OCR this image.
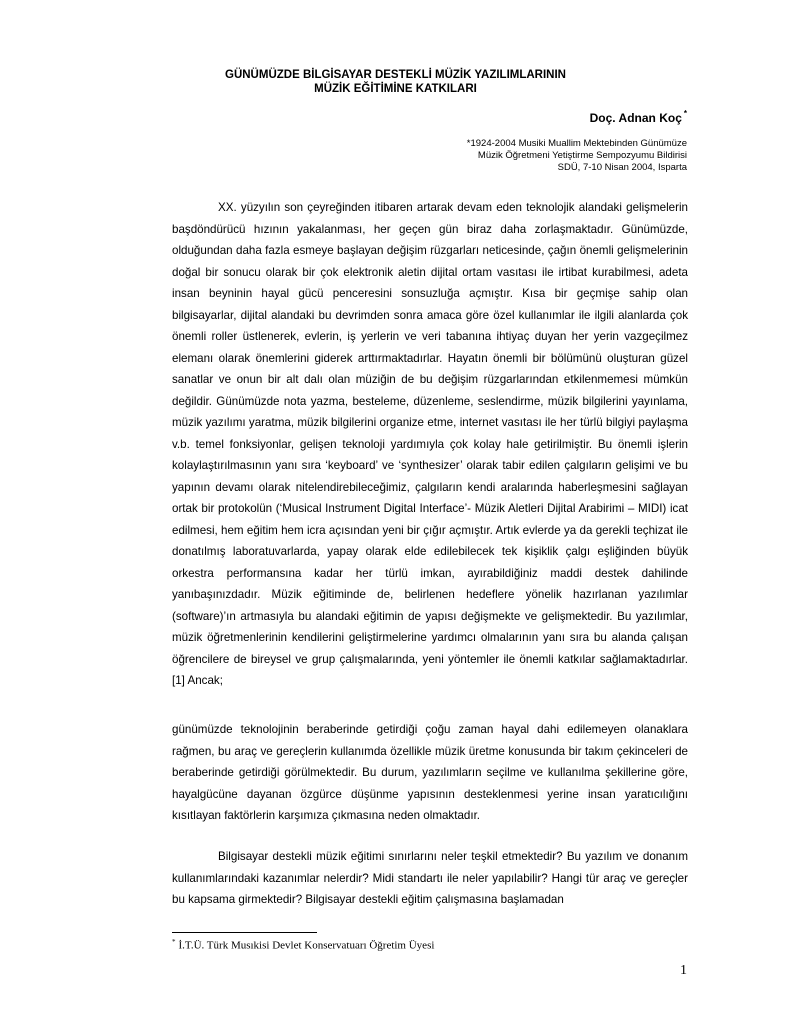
GÜNÜMÜZDE BİLGİSAYAR DESTEKLİ MÜZİK YAZILIMLARININ
MÜZİK EĞİTİMİNE KATKILARI
Doç. Adnan Koç *
*1924-2004 Musiki Muallim Mektebinden Günümüze
Müzik Öğretmeni Yetiştirme Sempozyumu Bildirisi
SDÜ, 7-10 Nisan 2004, Isparta
XX. yüzyılın son çeyreğinden itibaren artarak devam eden teknolojik alandaki gelişmelerin başdöndürücü hızının yakalanması, her geçen gün biraz daha zorlaşmaktadır. Günümüzde, olduğundan daha fazla esmeye başlayan değişim rüzgarları neticesinde, çağın önemli gelişmelerinin doğal bir sonucu olarak bir çok elektronik aletin dijital ortam vasıtası ile irtibat kurabilmesi, adeta insan beyninin hayal gücü penceresini sonsuzluğa açmıştır. Kısa bir geçmişe sahip olan bilgisayarlar, dijital alandaki bu devrimden sonra amaca göre özel kullanımlar ile ilgili alanlarda çok önemli roller üstlenerek, evlerin, iş yerlerin ve veri tabanına ihtiyaç duyan her yerin vazgeçilmez elemanı olarak önemlerini giderek arttırmaktadırlar. Hayatın önemli bir bölümünü oluşturan güzel sanatlar ve onun bir alt dalı olan müziğin de bu değişim rüzgarlarından etkilenmemesi mümkün değildir. Günümüzde nota yazma, besteleme, düzenleme, seslendirme, müzik bilgilerini yayınlama, müzik yazılımı yaratma, müzik bilgilerini organize etme, internet vasıtası ile her türlü bilgiyi paylaşma v.b. temel fonksiyonlar, gelişen teknoloji yardımıyla çok kolay hale getirilmiştir. Bu önemli işlerin kolaylaştırılmasının yanı sıra ‘keyboard’ ve ‘synthesizer’ olarak tabir edilen çalgıların gelişimi ve bu yapının devamı olarak nitelendirebileceğimiz, çalgıların kendi aralarında haberleşmesini sağlayan ortak bir protokolün (‘Musical Instrument Digital Interface’- Müzik Aletleri Dijital Arabirimi – MIDI) icat edilmesi, hem eğitim hem icra açısından yeni bir çığır açmıştır. Artık evlerde ya da gerekli teçhizat ile donatılmış laboratuvarlarda, yapay olarak elde edilebilecek tek kişiklik çalgı eşliğinden büyük orkestra performansına kadar her türlü imkan, ayırabildiğiniz maddi destek dahilinde yanıbaşınızdadır. Müzik eğitiminde de, belirlenen hedeflere yönelik hazırlanan yazılımlar (software)’ın artmasıyla bu alandaki eğitimin de yapısı değişmekte ve gelişmektedir. Bu yazılımlar, müzik öğretmenlerinin kendilerini geliştirmelerine yardımcı olmalarının yanı sıra bu alanda çalışan öğrencilere de bireysel ve grup çalışmalarında, yeni yöntemler ile önemli katkılar sağlamaktadırlar.[1] Ancak;
günümüzde teknolojinin beraberinde getirdiği çoğu zaman hayal dahi edilemeyen olanaklara rağmen, bu araç ve gereçlerin kullanımda özellikle müzik üretme konusunda bir takım çekinceleri de beraberinde getirdiği görülmektedir. Bu durum, yazılımların seçilme ve kullanılma şekillerine göre, hayalgücüne dayanan özgürce düşünme yapısının desteklenmesi yerine insan yaratıcılığını kısıtlayan faktörlerin karşımıza çıkmasına neden olmaktadır.
Bilgisayar destekli müzik eğitimi sınırlarını neler teşkil etmektedir? Bu yazılım ve donanım kullanımlarındaki kazanımlar nelerdir? Midi standartı ile neler yapılabilir? Hangi tür araç ve gereçler bu kapsama girmektedir? Bilgisayar destekli eğitim çalışmasına başlamadan
* İ.T.Ü. Türk Musıkisi Devlet Konservatuarı Öğretim Üyesi
1
